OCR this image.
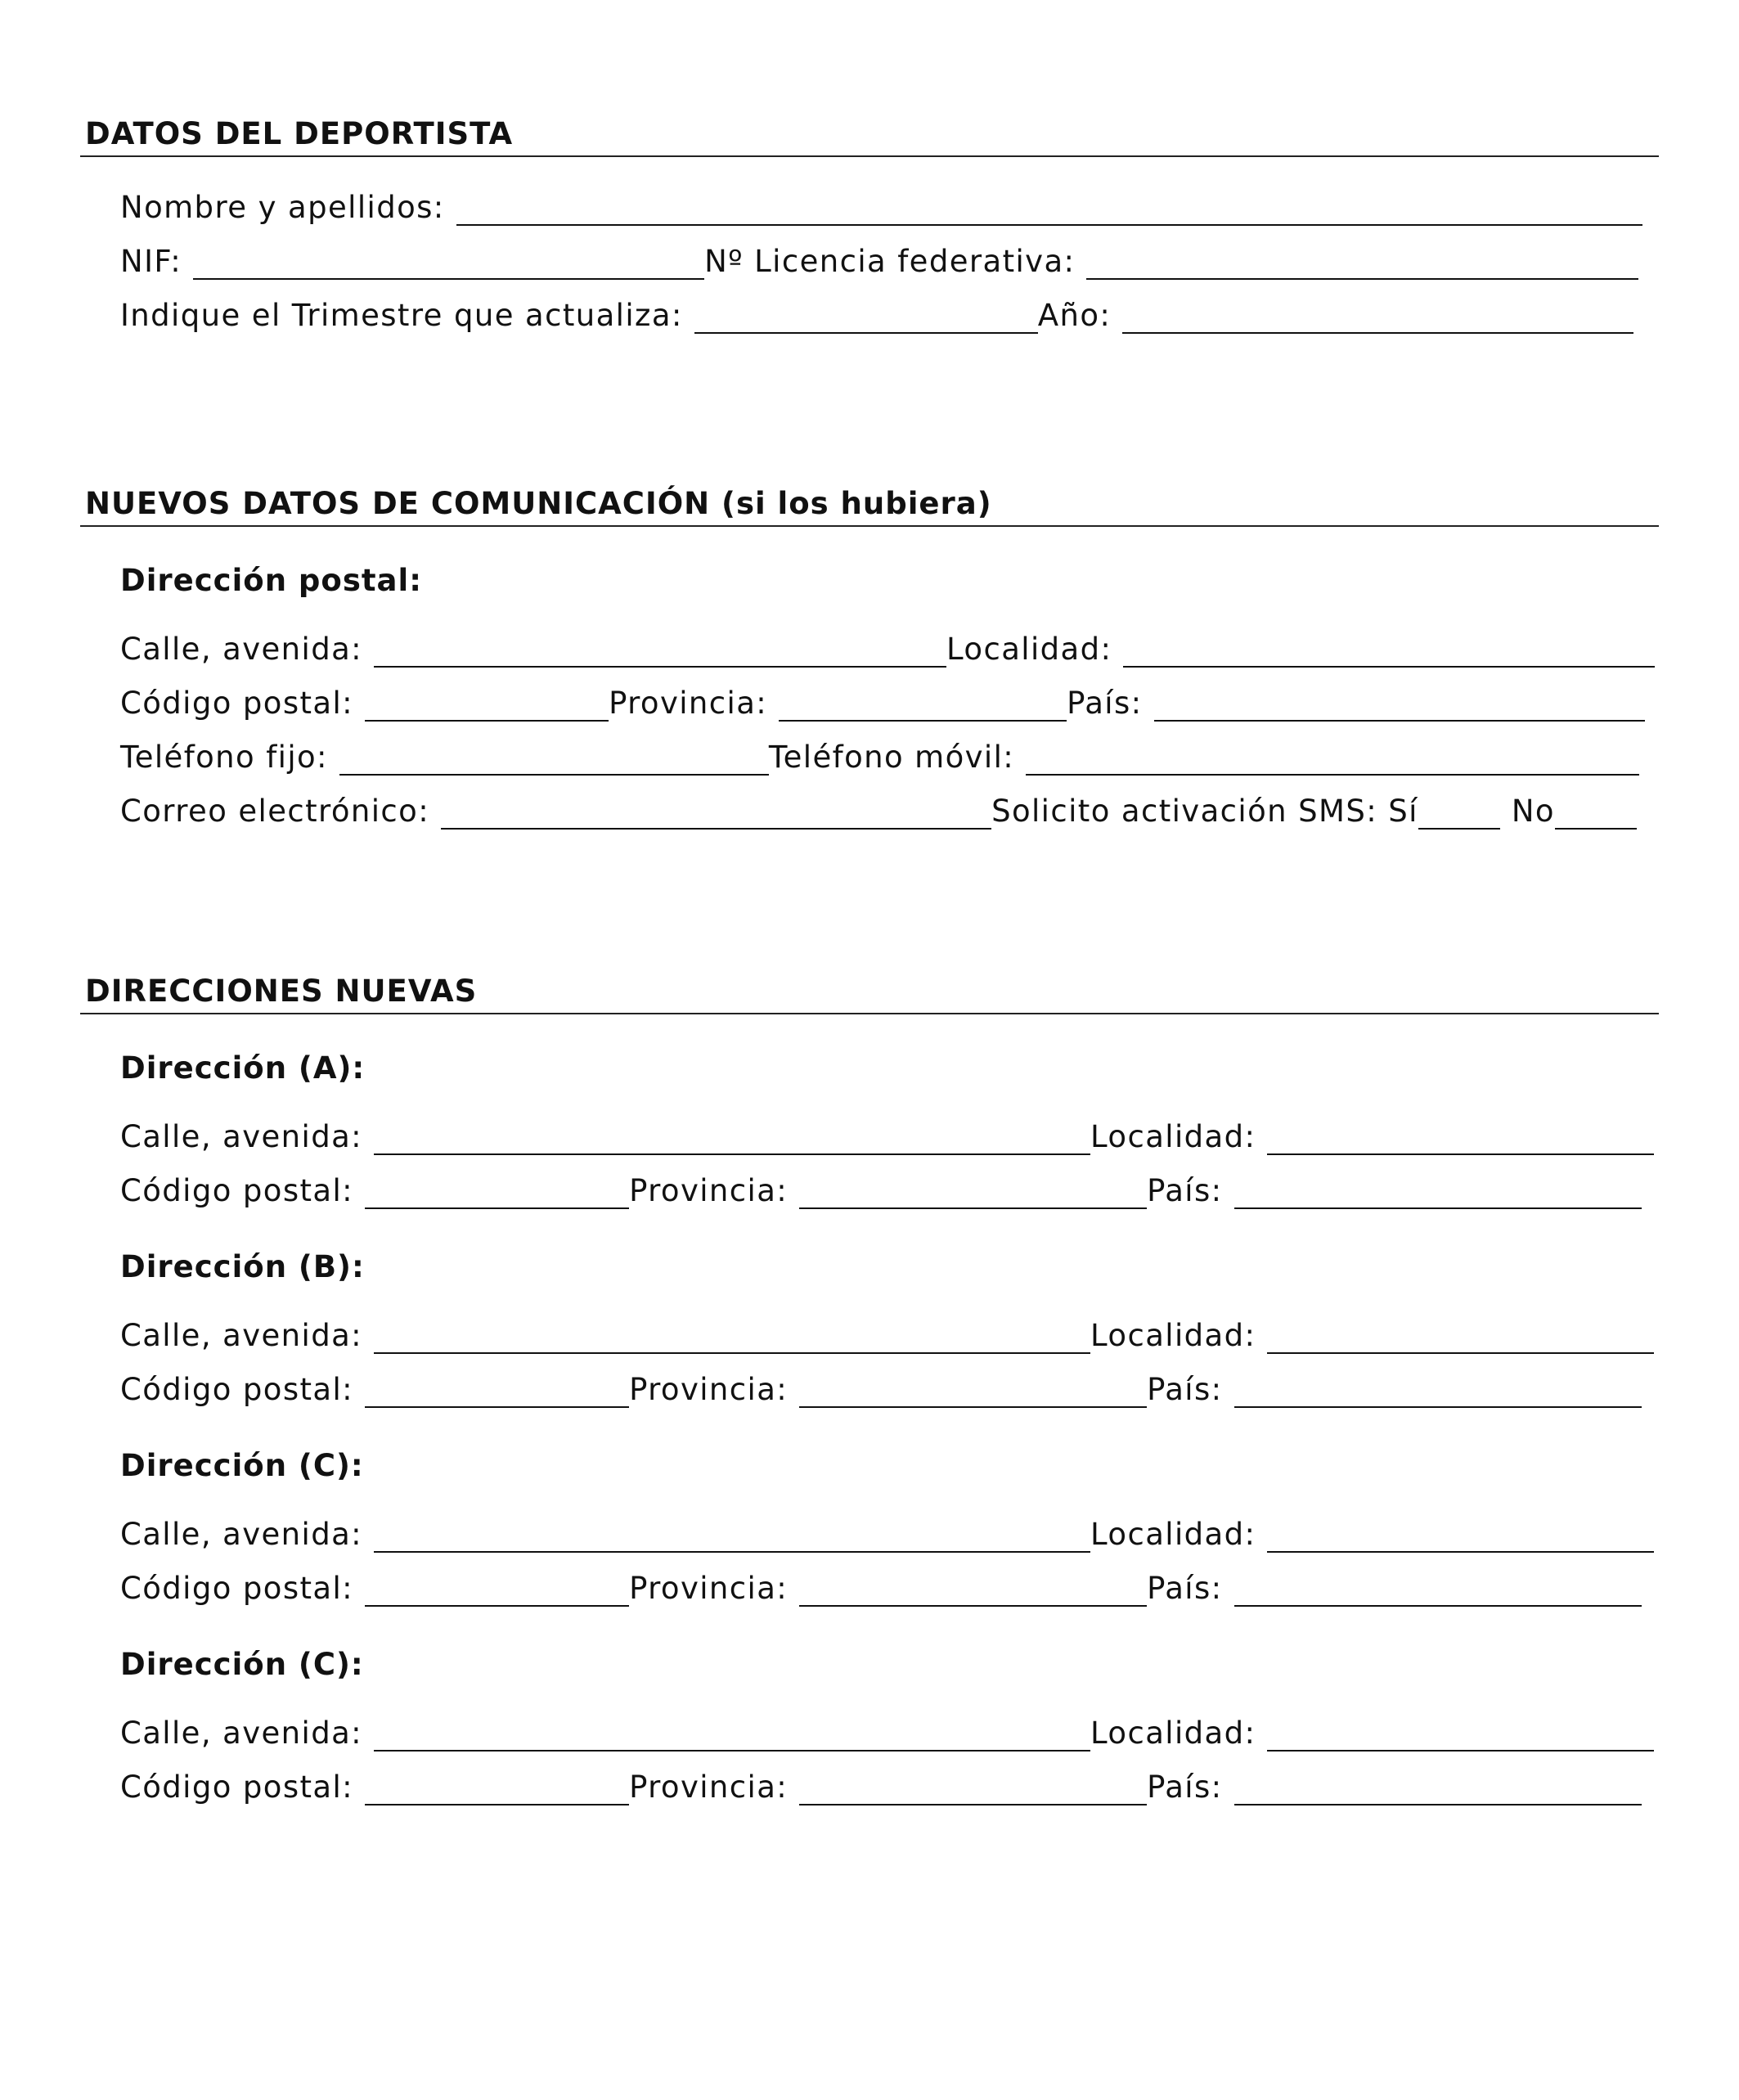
DATOS DEL DEPORTISTA
Nombre y apellidos:
NIF:	Nº Licencia federativa:
Indique el Trimestre que actualiza:	Año:
NUEVOS DATOS DE COMUNICACIÓN (si los hubiera)
Dirección postal:
Calle, avenida:	Localidad:
Código postal:	Provincia:	País:
Teléfono fijo:	Teléfono móvil:
Correo electrónico:	Solicito activación SMS: Sí	No
DIRECCIONES NUEVAS
Dirección (A):
Calle, avenida:	Localidad:
Código postal:	Provincia:	País:
Dirección (B):
Calle, avenida:	Localidad:
Código postal:	Provincia:	País:
Dirección (C):
Calle, avenida:	Localidad:
Código postal:	Provincia:	País:
Dirección (C):
Calle, avenida:	Localidad:
Código postal:	Provincia:	País:
